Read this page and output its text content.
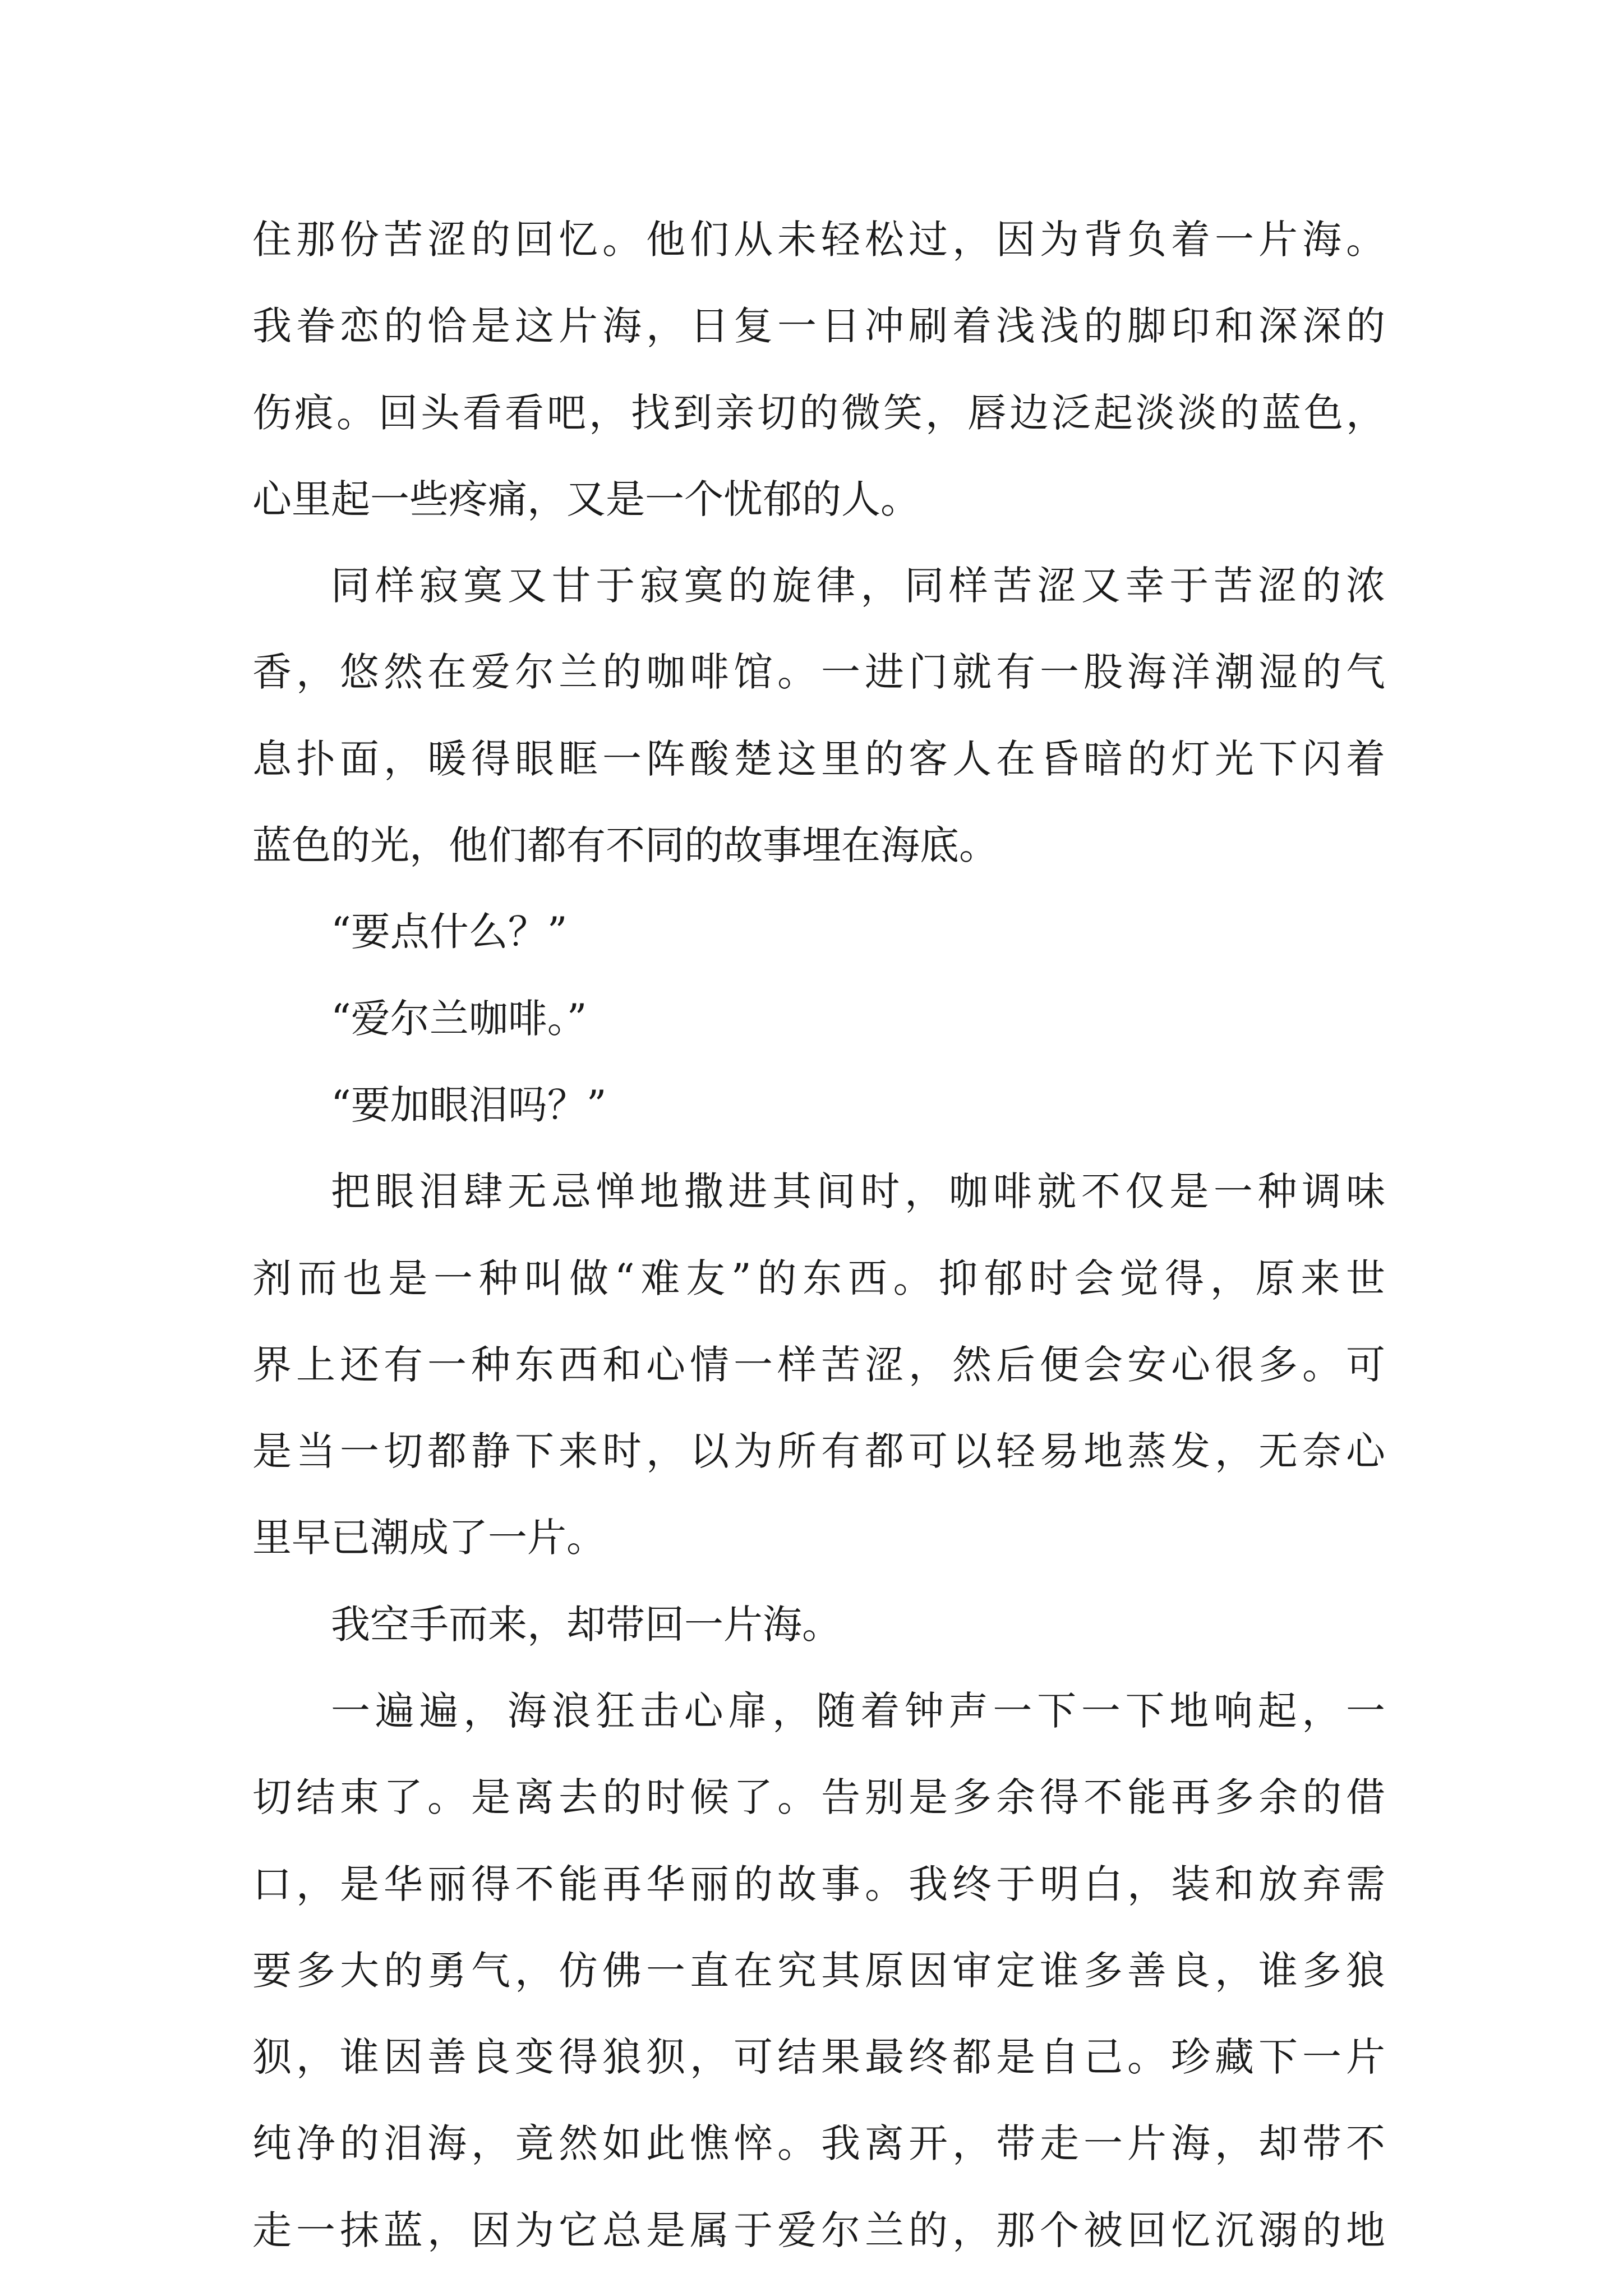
住那份苦涩的回忆。他们从未轻松过，因为背负着一片海。
我眷恋的恰是这片海，日复一日冲刷着浅浅的脚印和深深的
伤痕。回头看看吧，找到亲切的微笑，唇边泛起淡淡的蓝色，
心里起一些疼痛，又是一个忧郁的人。
同样寂寞又甘于寂寞的旋律，同样苦涩又幸于苦涩的浓
香，悠然在爱尔兰的咖啡馆。一进门就有一股海洋潮湿的气
息扑面，暖得眼眶一阵酸楚这里的客人在昏暗的灯光下闪着
蓝色的光，他们都有不同的故事埋在海底。
“要点什么？”
“爱尔兰咖啡。”
“要加眼泪吗？”
把眼泪肆无忌惮地撒进其间时，咖啡就不仅是一种调味
剂而也是一种叫做“难友”的东西。抑郁时会觉得，原来世
界上还有一种东西和心情一样苦涩，然后便会安心很多。可
是当一切都静下来时，以为所有都可以轻易地蒸发，无奈心
里早已潮成了一片。
我空手而来，却带回一片海。
一遍遍，海浪狂击心扉，随着钟声一下一下地响起，一
切结束了。是离去的时候了。告别是多余得不能再多余的借
口，是华丽得不能再华丽的故事。我终于明白，装和放弃需
要多大的勇气，仿佛一直在究其原因审定谁多善良，谁多狼
狈，谁因善良变得狼狈，可结果最终都是自己。珍藏下一片
纯净的泪海，竟然如此憔悴。我离开，带走一片海，却带不
走一抹蓝，因为它总是属于爱尔兰的，那个被回忆沉溺的地
